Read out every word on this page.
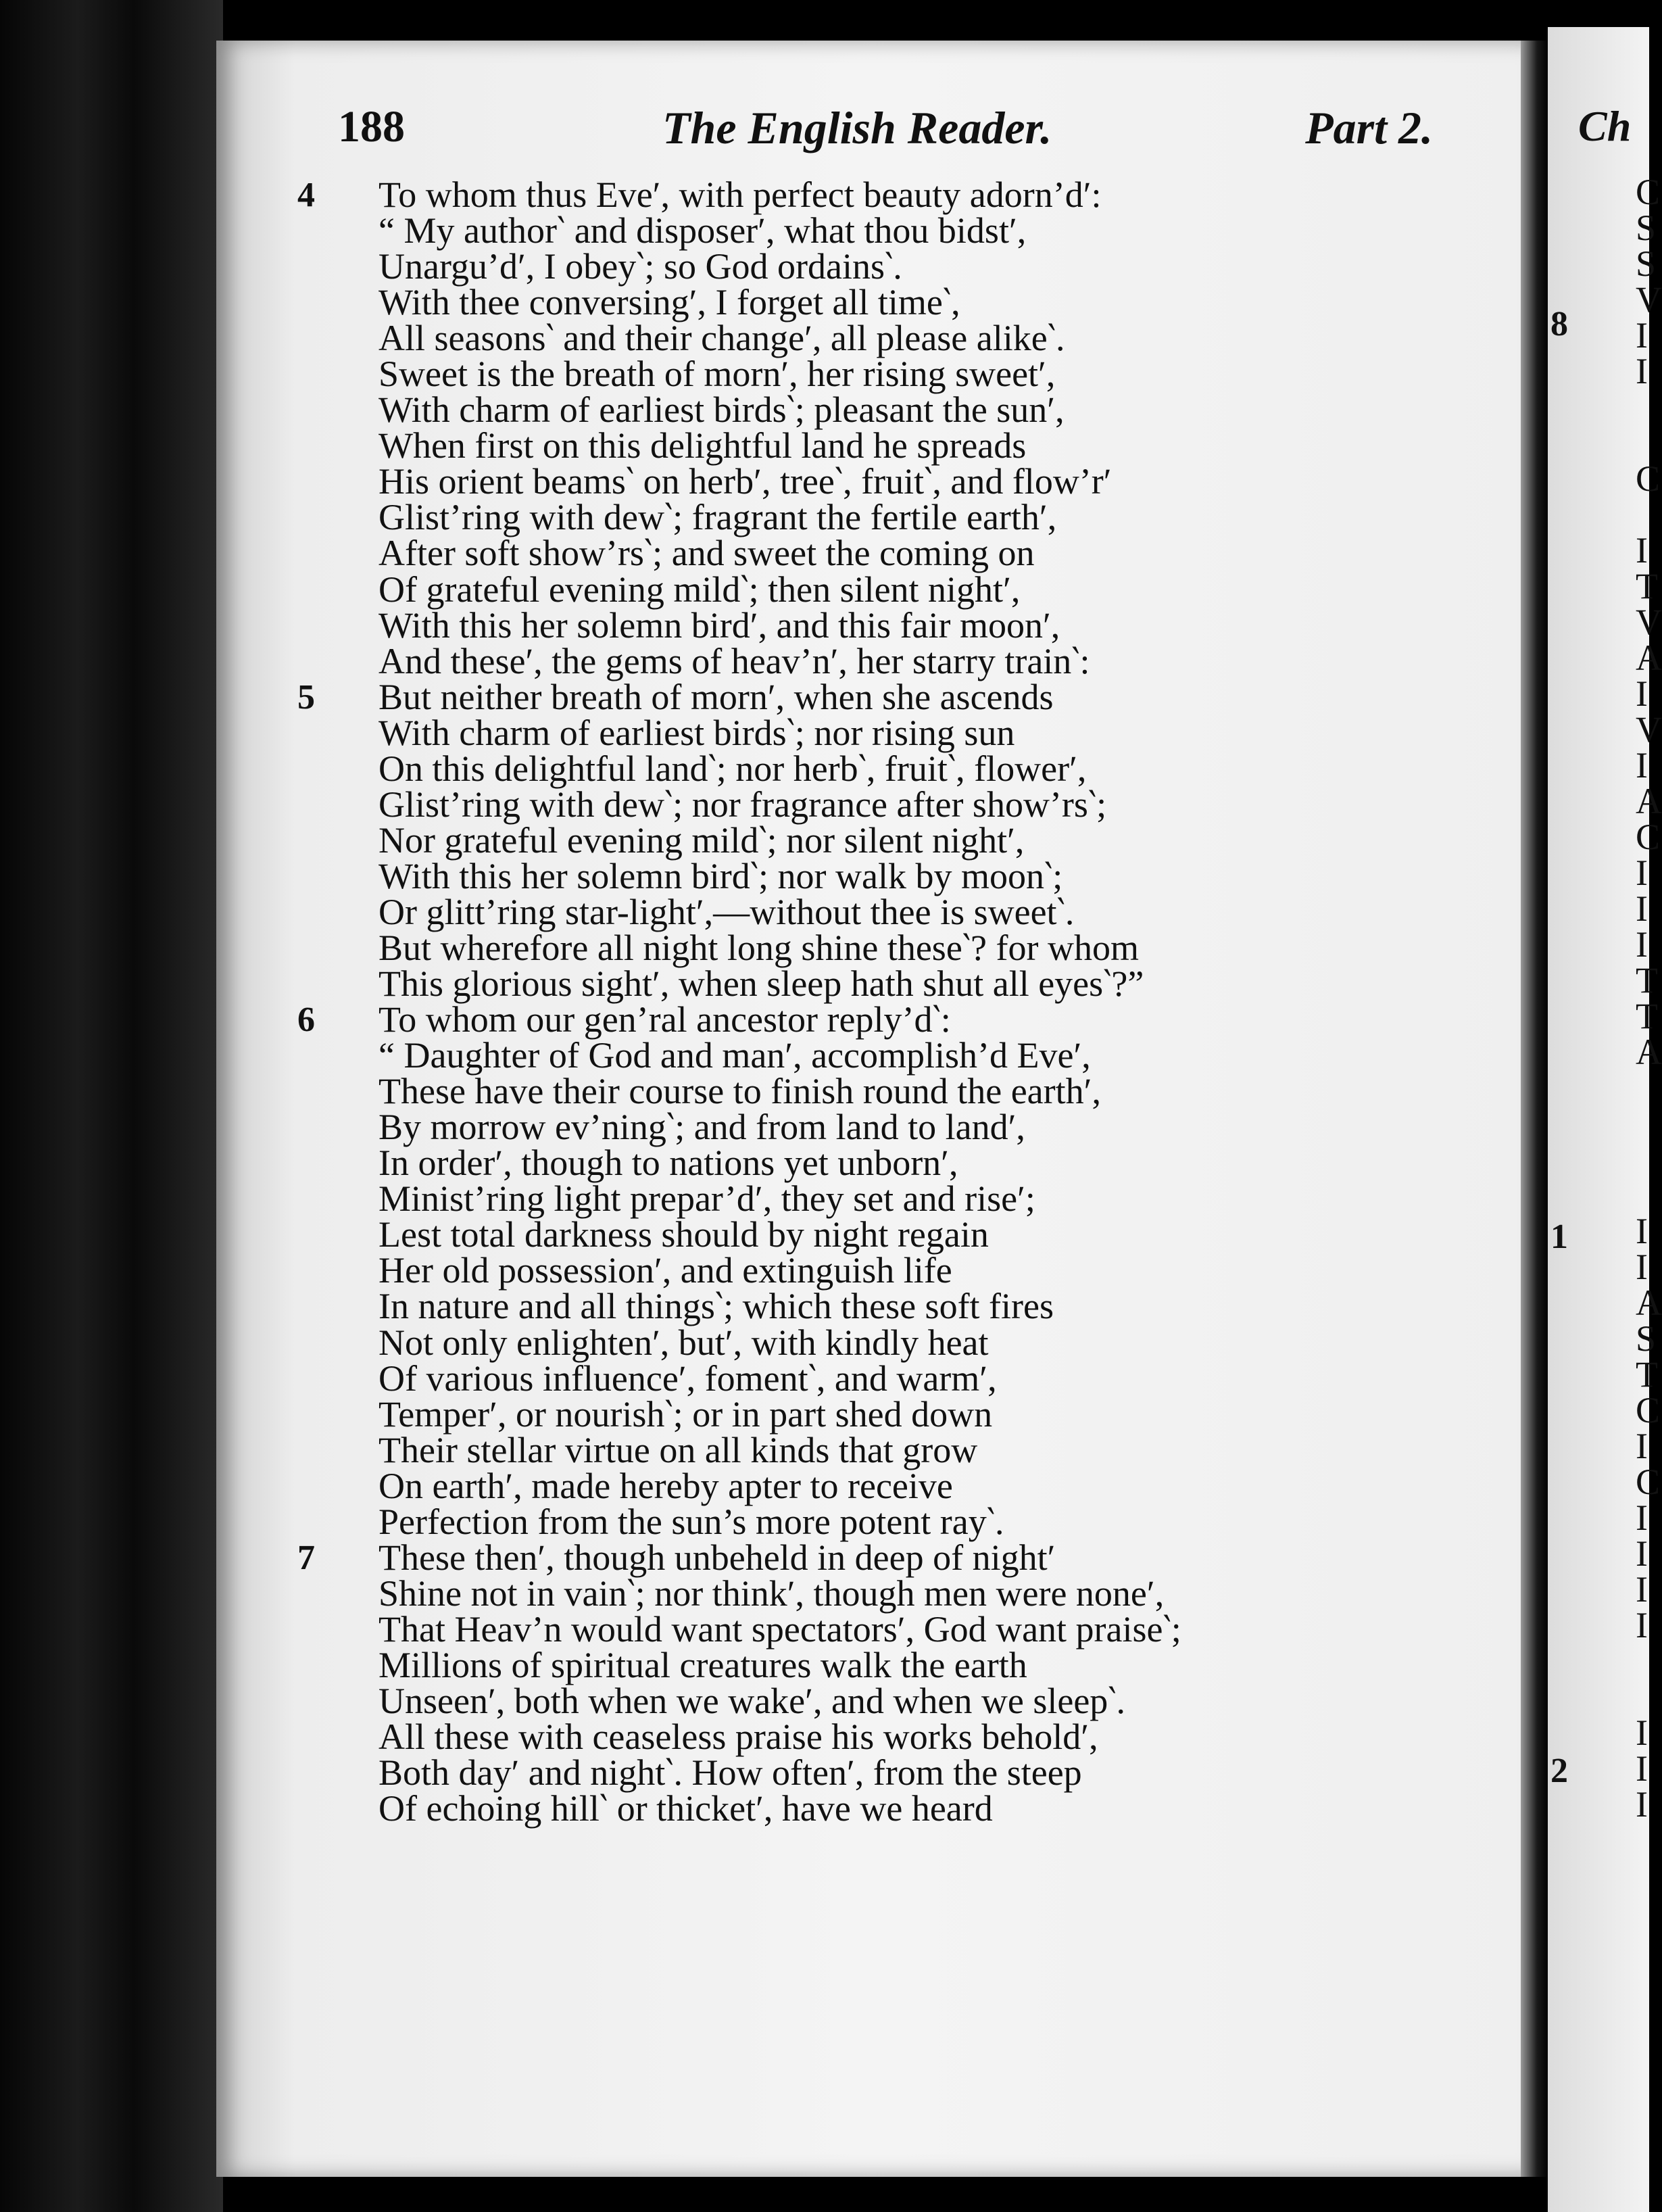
188	The English Reader.	Part 2.
4	To whom thus Eve′, with perfect beauty adorn’d′:
“ My author‵ and disposer′, what thou bidst′,
Unargu’d′, I obey‵; so God ordains‵.
With thee conversing′, I forget all time‵,
All seasons‵ and their change′, all please alike‵.
Sweet is the breath of morn′, her rising sweet′,
With charm of earliest birds‵; pleasant the sun′,
When first on this delightful land he spreads
His orient beams‵ on herb′, tree‵, fruit‵, and flow’r′
Glist’ring with dew‵; fragrant the fertile earth′,
After soft show’rs‵; and sweet the coming on
Of grateful evening mild‵; then silent night′,
With this her solemn bird′, and this fair moon′,
And these′, the gems of heav’n′, her starry train‵:
5	But neither breath of morn′, when she ascends
With charm of earliest birds‵; nor rising sun
On this delightful land‵; nor herb‵, fruit‵, flower′,
Glist’ring with dew‵; nor fragrance after show’rs‵;
Nor grateful evening mild‵; nor silent night′,
With this her solemn bird‵; nor walk by moon‵;
Or glitt’ring star-light′,—without thee is sweet‵.
But wherefore all night long shine these‵? for whom
This glorious sight′, when sleep hath shut all eyes‵?”
6	To whom our gen’ral ancestor reply’d‵:
“ Daughter of God and man′, accomplish’d Eve′,
These have their course to finish round the earth′,
By morrow ev’ning‵; and from land to land′,
In order′, though to nations yet unborn′,
Minist’ring light prepar’d′, they set and rise′;
Lest total darkness should by night regain
Her old possession′, and extinguish life
In nature and all things‵; which these soft fires
Not only enlighten′, but′, with kindly heat
Of various influence′, foment‵, and warm′,
Temper′, or nourish‵; or in part shed down
Their stellar virtue on all kinds that grow
On earth′, made hereby apter to receive
Perfection from the sun’s more potent ray‵.
7	These then′, though unbeheld in deep of night′
Shine not in vain‵; nor think′, though men were none′,
That Heav’n would want spectators′, God want praise‵;
Millions of spiritual creatures walk the earth
Unseen′, both when we wake′, and when we sleep‵.
All these with ceaseless praise his works behold′,
Both day′ and night‵. How often′, from the steep
Of echoing hill‵ or thicket′, have we heard
Ch
8
1
2
C
S
S
V
I
I
C
I
T
V
A
I
V
I
A
C
I
I
I
T
T
A
I
I
A
S
T
C
I
C
I
I
I
I
I
I
I
